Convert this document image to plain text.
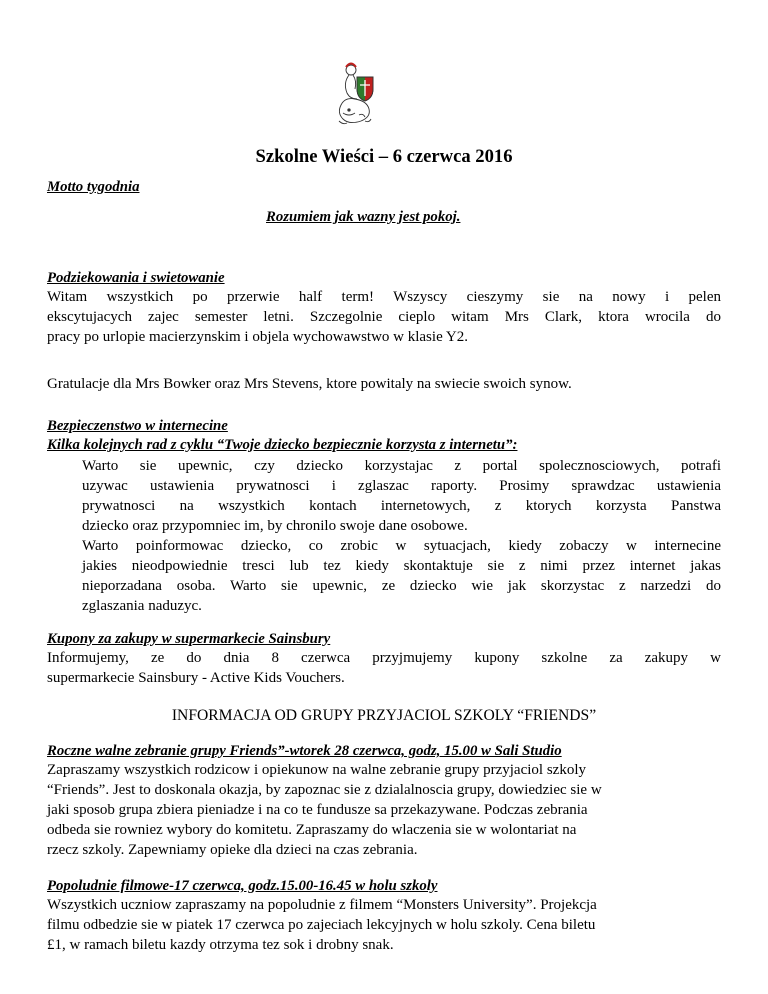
Szkolne Wieści – 6 czerwca 2016
Motto tygodnia
Rozumiem jak wazny jest pokoj.
Podziekowania i swietowanie
Witam wszystkich po przerwie half term! Wszyscy cieszymy sie na nowy i pelen
ekscytujacych zajec semester letni. Szczegolnie cieplo witam Mrs Clark, ktora wrocila do
pracy po urlopie macierzynskim i objela wychowawstwo w klasie Y2.
Gratulacje dla Mrs Bowker oraz Mrs Stevens, ktore powitaly na swiecie swoich synow.
Bezpieczenstwo w internecine
Kilka kolejnych rad z cyklu “Twoje dziecko bezpiecznie korzysta z internetu”:
Warto sie upewnic, czy dziecko korzystajac z portal spolecznosciowych, potrafi
uzywac ustawienia prywatnosci i zglaszac raporty. Prosimy sprawdzac ustawienia
prywatnosci na wszystkich kontach internetowych, z ktorych korzysta Panstwa
dziecko oraz przypomniec im, by chronilo swoje dane osobowe.
Warto poinformowac dziecko, co zrobic w sytuacjach, kiedy zobaczy w internecine
jakies nieodpowiednie tresci lub tez kiedy skontaktuje sie z nimi przez internet jakas
nieporzadana osoba. Warto sie upewnic, ze dziecko wie jak skorzystac z narzedzi do
zglaszania naduzyc.
Kupony za zakupy w supermarkecie Sainsbury
Informujemy, ze do dnia 8 czerwca przyjmujemy kupony szkolne za zakupy w
supermarkecie Sainsbury - Active Kids Vouchers.
INFORMACJA OD GRUPY PRZYJACIOL SZKOLY “FRIENDS”
Roczne walne zebranie grupy Friends”-wtorek 28 czerwca, godz, 15.00 w Sali Studio
Zapraszamy wszystkich rodzicow i opiekunow na walne zebranie grupy przyjaciol szkoly
“Friends”. Jest to doskonala okazja, by zapoznac sie z dzialalnoscia grupy, dowiedziec sie w
jaki sposob grupa zbiera pieniadze i na co te fundusze sa przekazywane. Podczas zebrania
odbeda sie rowniez wybory do komitetu. Zapraszamy do wlaczenia sie w wolontariat na
rzecz szkoly. Zapewniamy opieke dla dzieci na czas zebrania.
Popoludnie filmowe-17 czerwca, godz.15.00-16.45 w holu szkoly
Wszystkich uczniow zapraszamy na popoludnie z filmem “Monsters University”. Projekcja
filmu odbedzie sie w piatek 17 czerwca po zajeciach lekcyjnych w holu szkoly. Cena biletu
£1, w ramach biletu kazdy otrzyma tez sok i drobny snak.
